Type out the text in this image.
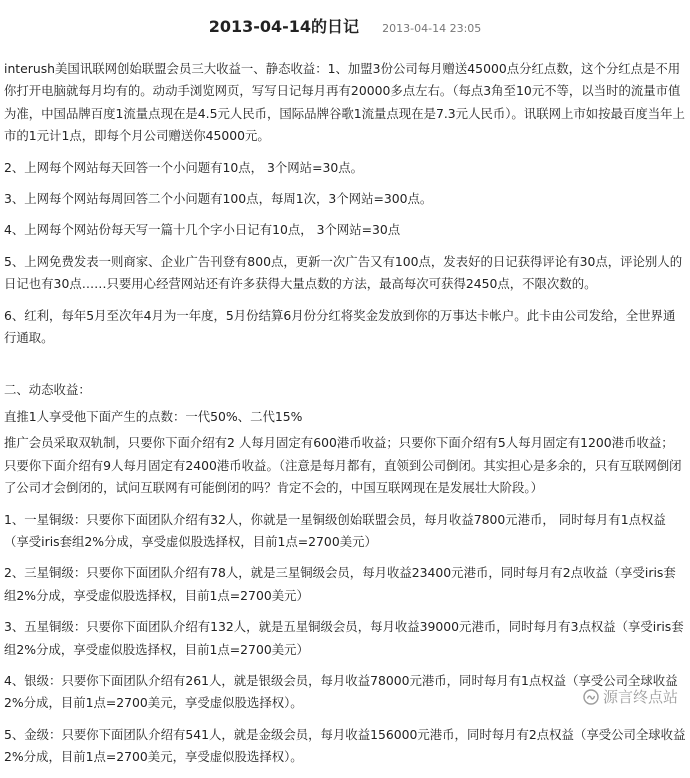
2013-04-14的日记 2013-04-14 23:05

interush美国讯联网创始联盟会员三大收益一、静态收益：1、加盟3份公司每月赠送45000点分红点数，这个分红点是不用你打开电脑就每月均有的。动动手浏览网页，写写日记每月再有20000多点左右。（每点3角至10元不等，以当时的流量市值为准，中国品牌百度1流量点现在是4.5元人民币，国际品牌谷歌1流量点现在是7.3元人民币）。讯联网上市如按最百度当年上市的1元计1点，即每个月公司赠送你45000元。

2、上网每个网站每天回答一个小问题有10点， 3个网站=30点。

3、上网每个网站每周回答二个小问题有100点，每周1次，3个网站=300点。

4、上网每个网站份每天写一篇十几个字小日记有10点， 3个网站=30点

5、上网免费发表一则商家、企业广告刊登有800点，更新一次广告又有100点，发表好的日记获得评论有30点，评论别人的日记也有30点……只要用心经营网站还有许多获得大量点数的方法，最高每次可获得2450点，不限次数的。

6、红利，每年5月至次年4月为一年度，5月份结算6月份分红将奖金发放到你的万事达卡帐户。此卡由公司发给，全世界通行通取。

二、动态收益：

直推1人享受他下面产生的点数：一代50%、二代15%

推广会员采取双轨制，只要你下面介绍有2 人每月固定有600港币收益；只要你下面介绍有5人每月固定有1200港币收益；只要你下面介绍有9人每月固定有2400港币收益。（注意是每月都有，直领到公司倒闭。其实担心是多余的，只有互联网倒闭了公司才会倒闭的，试问互联网有可能倒闭的吗？肯定不会的，中国互联网现在是发展壮大阶段。）

1、一星铜级：只要你下面团队介绍有32人，你就是一星铜级创始联盟会员，每月收益7800元港币， 同时每月有1点权益（享受iris套组2%分成，享受虚似股选择权，目前1点=2700美元）

2、三星铜级：只要你下面团队介绍有78人，就是三星铜级会员，每月收益23400元港币，同时每月有2点收益（享受iris套组2%分成，享受虚似股选择权，目前1点=2700美元）

3、五星铜级：只要你下面团队介绍有132人，就是五星铜级会员，每月收益39000元港币，同时每月有3点权益（享受iris套组2%分成，享受虚似股选择权，目前1点=2700美元）

4、银级：只要你下面团队介绍有261人，就是银级会员，每月收益78000元港币，同时每月有1点权益（享受公司全球收益2%分成，目前1点=2700美元，享受虚似股选择权）。

5、金级：只要你下面团队介绍有541人，就是金级会员，每月收益156000元港币，同时每月有2点权益（享受公司全球收益2%分成，目前1点=2700美元，享受虚似股选择权）。

源言终点站
